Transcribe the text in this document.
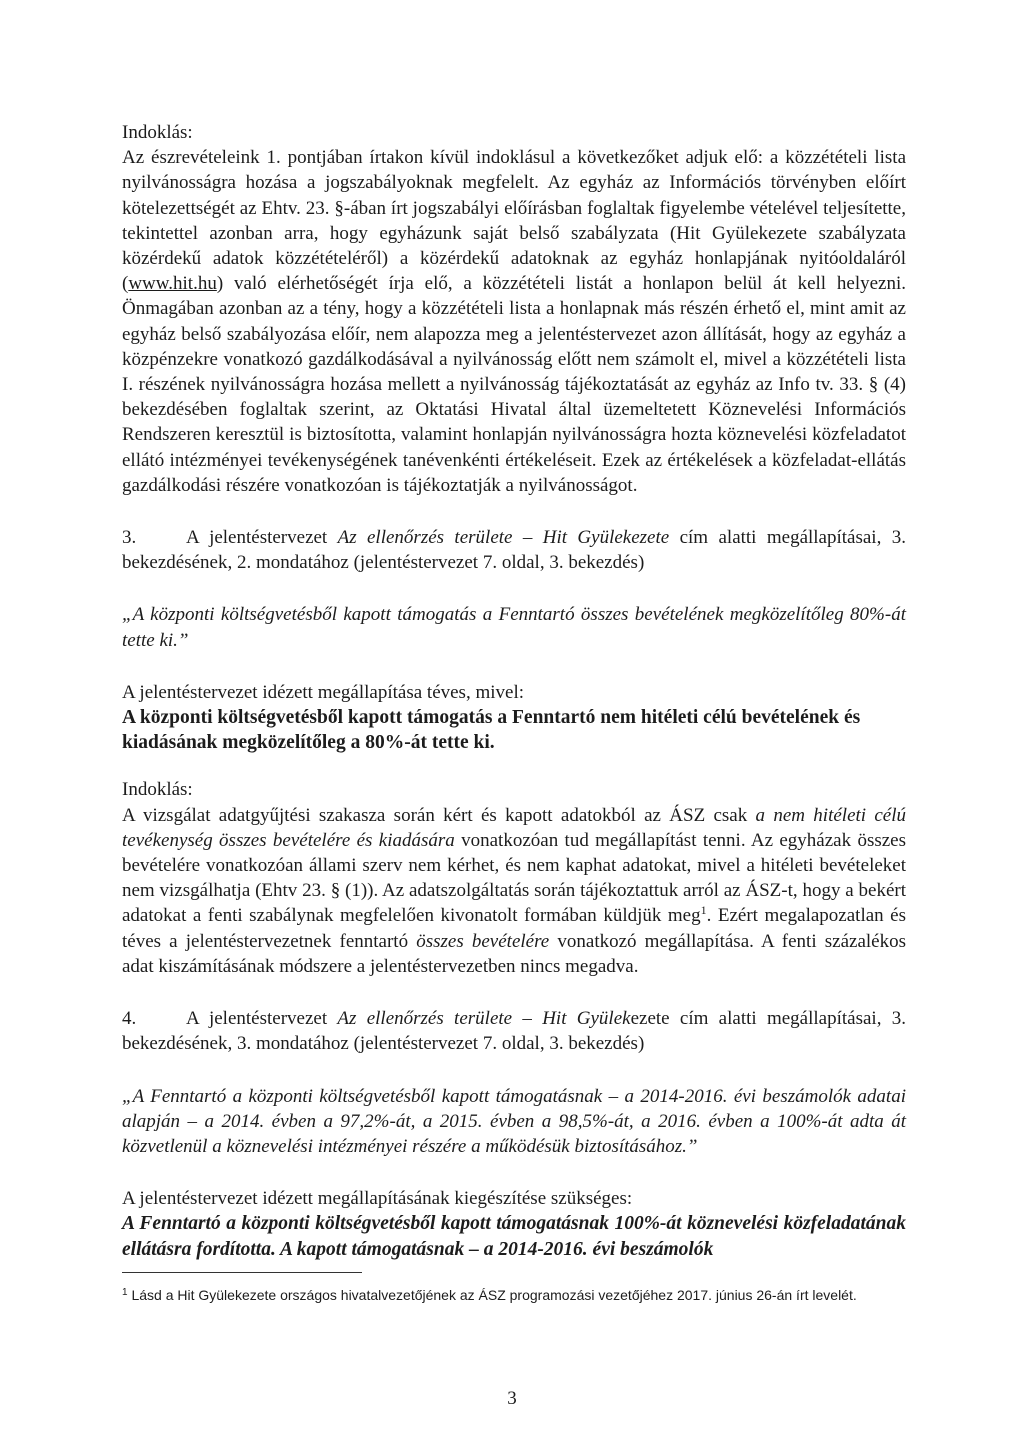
Indoklás:

Az észrevételeink 1. pontjában írtakon kívül indoklásul a következőket adjuk elő: a közzétételi lista nyilvánosságra hozása a jogszabályoknak megfelelt. Az egyház az Információs törvényben előírt kötelezettségét az Ehtv. 23. §-ában írt jogszabályi előírásban foglaltak figyelembe vételével teljesítette, tekintettel azonban arra, hogy egyházunk saját belső szabályzata (Hit Gyülekezete szabályzata közérdekű adatok közzétételéről) a közérdekű adatoknak az egyház honlapjának nyitóoldaláról (www.hit.hu) való elérhetőségét írja elő, a közzétételi listát a honlapon belül át kell helyezni. Önmagában azonban az a tény, hogy a közzétételi lista a honlapnak más részén érhető el, mint amit az egyház belső szabályozása előír, nem alapozza meg a jelentéstervezet azon állítását, hogy az egyház a közpénzekre vonatkozó gazdálkodásával a nyilvánosság előtt nem számolt el, mivel a közzétételi lista I. részének nyilvánosságra hozása mellett a nyilvánosság tájékoztatását az egyház az Info tv. 33. § (4) bekezdésében foglaltak szerint, az Oktatási Hivatal által üzemeltetett Köznevelési Információs Rendszeren keresztül is biztosította, valamint honlapján nyilvánosságra hozta köznevelési közfeladatot ellátó intézményei tevékenységének tanévenkénti értékeléseit. Ezek az értékelések a közfeladat-ellátás gazdálkodási részére vonatkozóan is tájékoztatják a nyilvánosságot.

3.	A jelentéstervezet Az ellenőrzés területe – Hit Gyülekezete cím alatti megállapításai, 3. bekezdésének, 2. mondatához (jelentéstervezet 7. oldal, 3. bekezdés)

„A központi költségvetésből kapott támogatás a Fenntartó összes bevételének megközelítőleg 80%-át tette ki.”

A jelentéstervezet idézett megállapítása téves, mivel:

A központi költségvetésből kapott támogatás a Fenntartó nem hitéleti célú bevételének és kiadásának megközelítőleg a 80%-át tette ki.

Indoklás:

A vizsgálat adatgyűjtési szakasza során kért és kapott adatokból az ÁSZ csak a nem hitéleti célú tevékenység összes bevételére és kiadására vonatkozóan tud megállapítást tenni. Az egyházak összes bevételére vonatkozóan állami szerv nem kérhet, és nem kaphat adatokat, mivel a hitéleti bevételeket nem vizsgálhatja (Ehtv 23. § (1)). Az adatszolgáltatás során tájékoztattuk arról az ÁSZ-t, hogy a bekért adatokat a fenti szabálynak megfelelően kivonatolt formában küldjük meg$^1$. Ezért megalapozatlan és téves a jelentéstervezetnek fenntartó összes bevételére vonatkozó megállapítása. A fenti százalékos adat kiszámításának módszere a jelentéstervezetben nincs megadva.

4.	A jelentéstervezet Az ellenőrzés területe – Hit Gyülekezete cím alatti megállapításai, 3. bekezdésének, 3. mondatához (jelentéstervezet 7. oldal, 3. bekezdés)

„A Fenntartó a központi költségvetésből kapott támogatásnak – a 2014-2016. évi beszámolók adatai alapján – a 2014. évben a 97,2%-át, a 2015. évben a 98,5%-át, a 2016. évben a 100%-át adta át közvetlenül a köznevelési intézményei részére a működésük biztosításához.”

A jelentéstervezet idézett megállapításának kiegészítése szükséges:

A Fenntartó a központi költségvetésből kapott támogatásnak 100%-át köznevelési közfeladatának ellátásra fordította. A kapott támogatásnak – a 2014-2016. évi beszámolók

$^1$ Lásd a Hit Gyülekezete országos hivatalvezetőjének az ÁSZ programozási vezetőjéhez 2017. június 26-án írt levelét.
3
